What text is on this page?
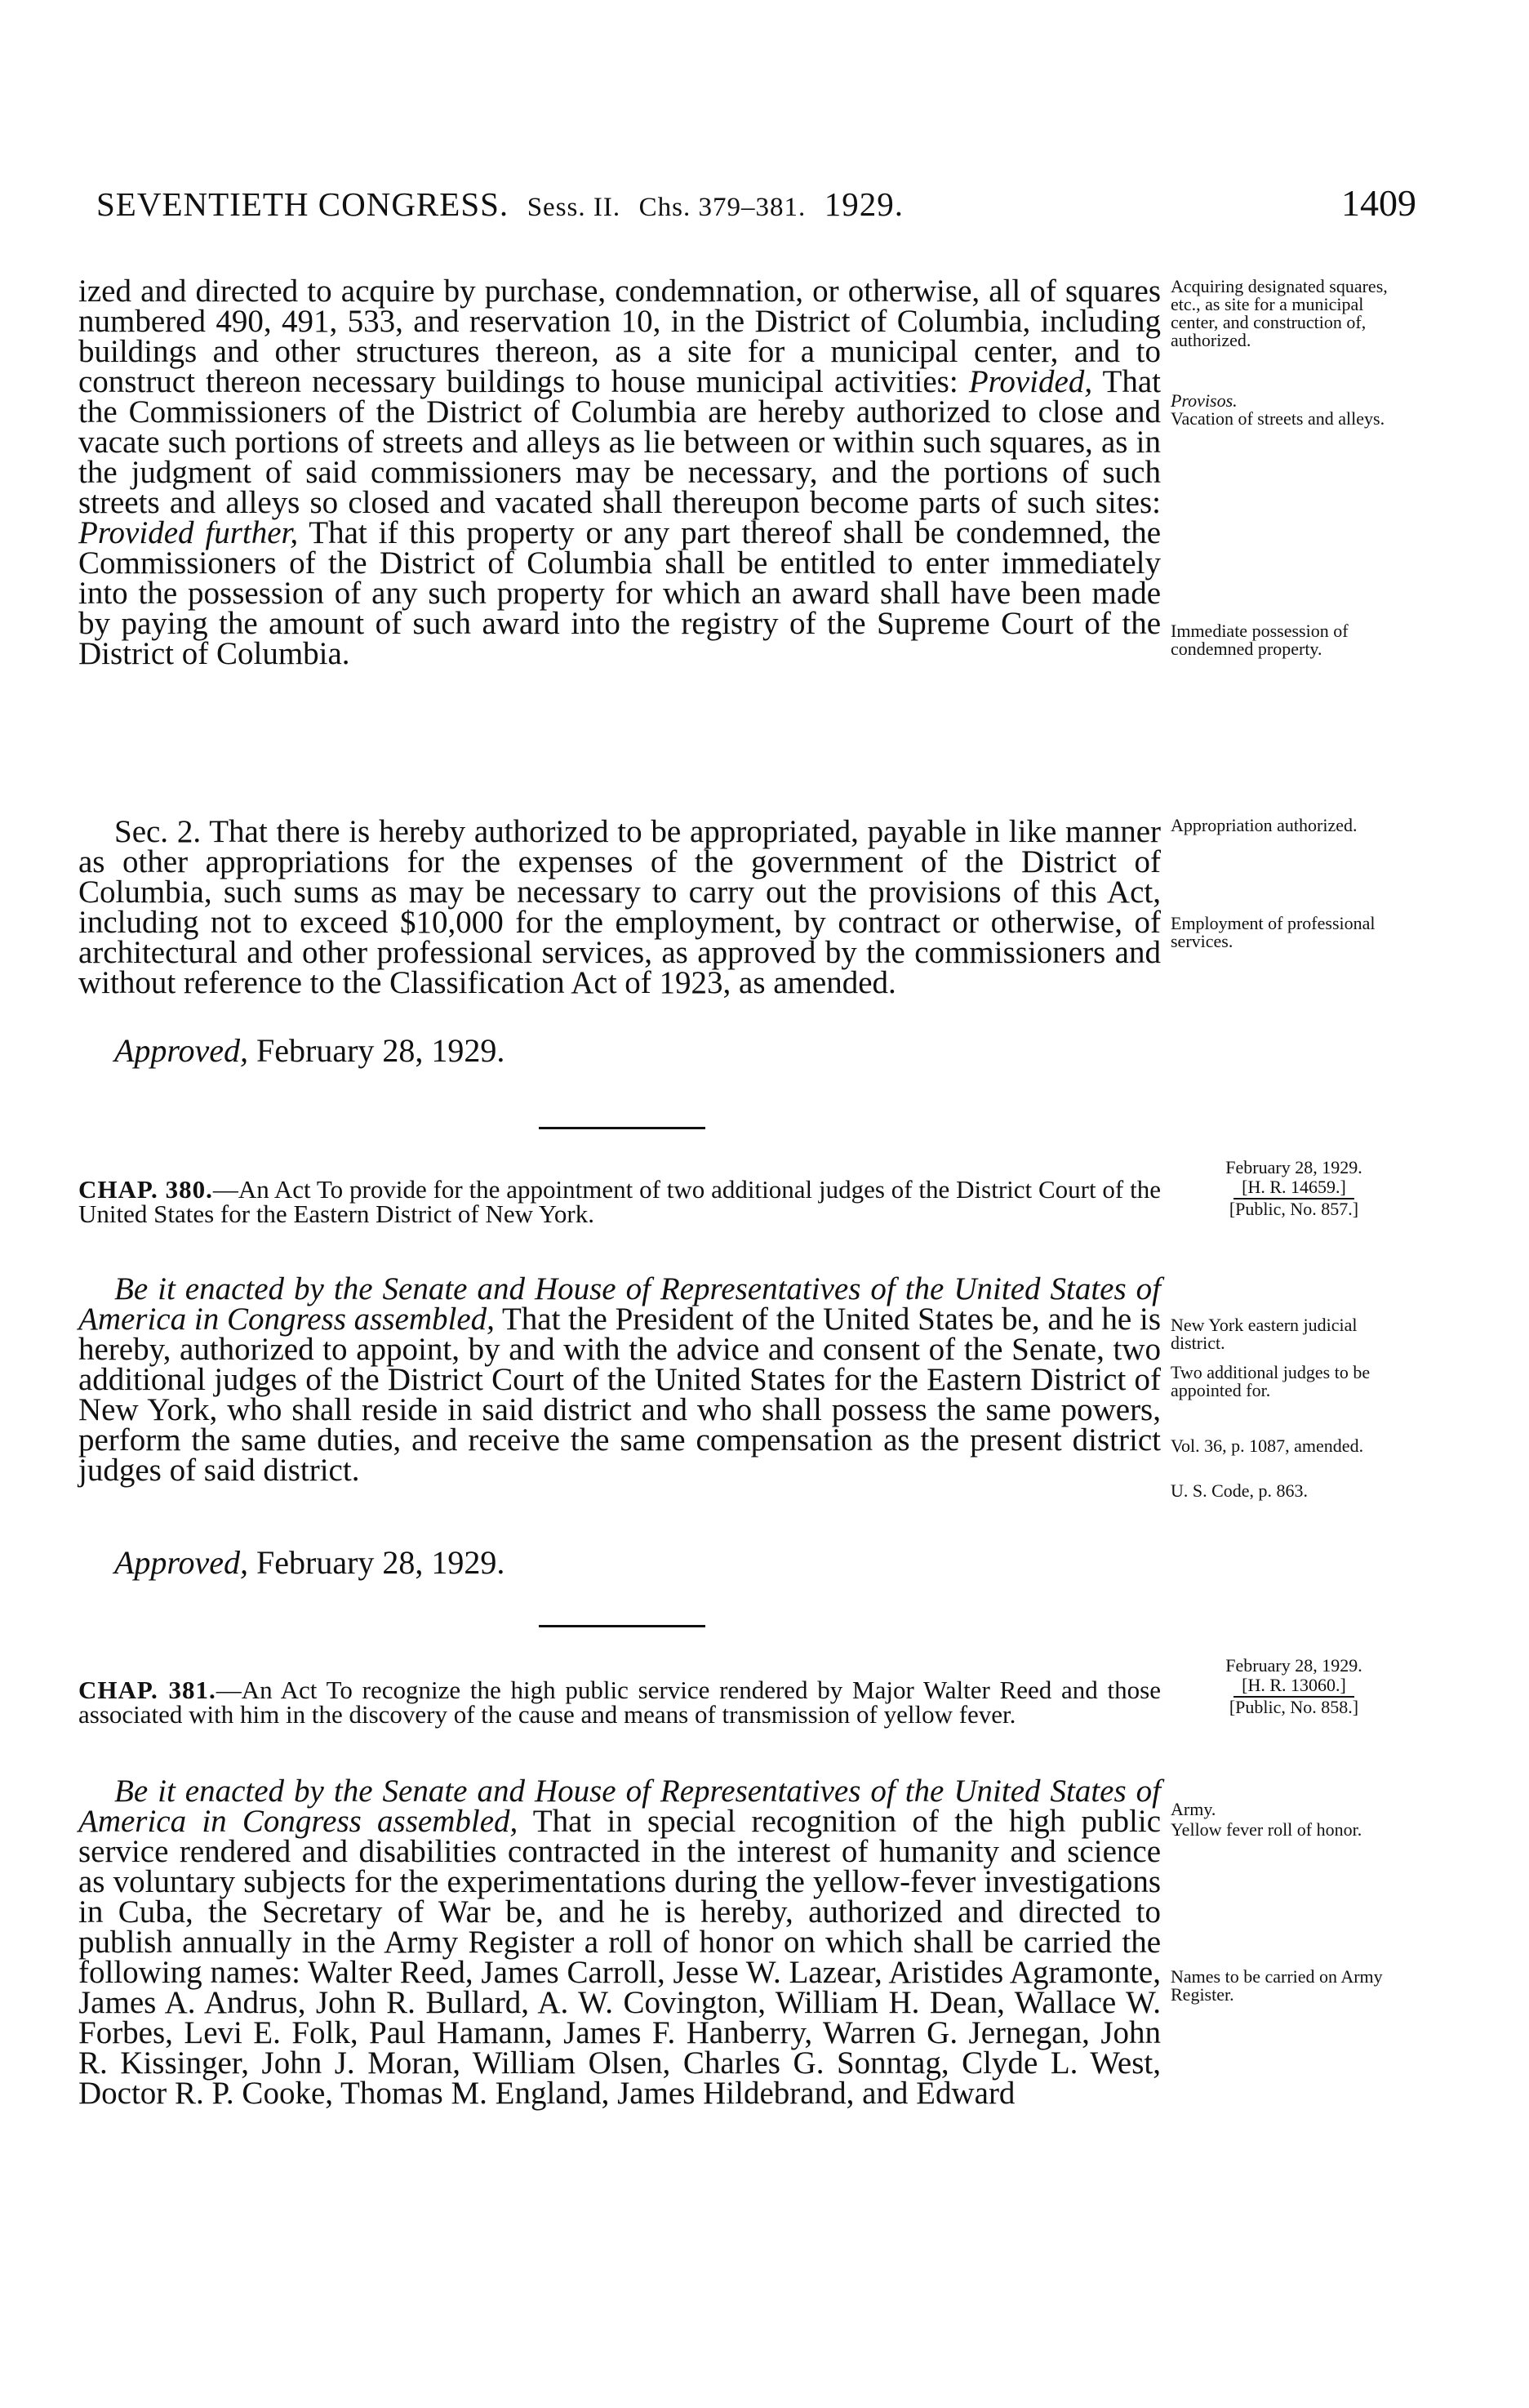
SEVENTIETH CONGRESS. Sess. II. Chs. 379–381. 1929.	1409

ized and directed to acquire by purchase, condemnation, or otherwise, all of squares numbered 490, 491, 533, and reservation 10, in the District of Columbia, including buildings and other structures thereon, as a site for a municipal center, and to construct thereon necessary buildings to house municipal activities: Provided, That the Commissioners of the District of Columbia are hereby authorized to close and vacate such portions of streets and alleys as lie between or within such squares, as in the judgment of said commissioners may be necessary, and the portions of such streets and alleys so closed and vacated shall thereupon become parts of such sites: Provided further, That if this property or any part thereof shall be condemned, the Commissioners of the District of Columbia shall be entitled to enter immediately into the possession of any such property for which an award shall have been made by paying the amount of such award into the registry of the Supreme Court of the District of Columbia.

Sec. 2. That there is hereby authorized to be appropriated, payable in like manner as other appropriations for the expenses of the government of the District of Columbia, such sums as may be necessary to carry out the provisions of this Act, including not to exceed $10,000 for the employment, by contract or otherwise, of architectural and other professional services, as approved by the commissioners and without reference to the Classification Act of 1923, as amended.

Approved, February 28, 1929.

Acquiring designated squares, etc., as site for a municipal center, and construction of, authorized.

Provisos.
Vacation of streets and alleys.

Immediate possession of condemned property.

Appropriation authorized.

Employment of professional services.

February 28, 1929.
[H. R. 14659.]
[Public, No. 857.]

CHAP. 380.—An Act To provide for the appointment of two additional judges of the District Court of the United States for the Eastern District of New York.

Be it enacted by the Senate and House of Representatives of the United States of America in Congress assembled, That the President of the United States be, and he is hereby, authorized to appoint, by and with the advice and consent of the Senate, two additional judges of the District Court of the United States for the Eastern District of New York, who shall reside in said district and who shall possess the same powers, perform the same duties, and receive the same compensation as the present district judges of said district.

Approved, February 28, 1929.

New York eastern judicial district.

Two additional judges to be appointed for.

Vol. 36, p. 1087, amended.

U. S. Code, p. 863.

February 28, 1929.
[H. R. 13060.]
[Public, No. 858.]

CHAP. 381.—An Act To recognize the high public service rendered by Major Walter Reed and those associated with him in the discovery of the cause and means of transmission of yellow fever.

Be it enacted by the Senate and House of Representatives of the United States of America in Congress assembled, That in special recognition of the high public service rendered and disabilities contracted in the interest of humanity and science as voluntary subjects for the experimentations during the yellow-fever investigations in Cuba, the Secretary of War be, and he is hereby, authorized and directed to publish annually in the Army Register a roll of honor on which shall be carried the following names: Walter Reed, James Carroll, Jesse W. Lazear, Aristides Agramonte, James A. Andrus, John R. Bullard, A. W. Covington, William H. Dean, Wallace W. Forbes, Levi E. Folk, Paul Hamann, James F. Hanberry, Warren G. Jernegan, John R. Kissinger, John J. Moran, William Olsen, Charles G. Sonntag, Clyde L. West, Doctor R. P. Cooke, Thomas M. England, James Hildebrand, and Edward

Army.

Yellow fever roll of honor.

Names to be carried on Army Register.
